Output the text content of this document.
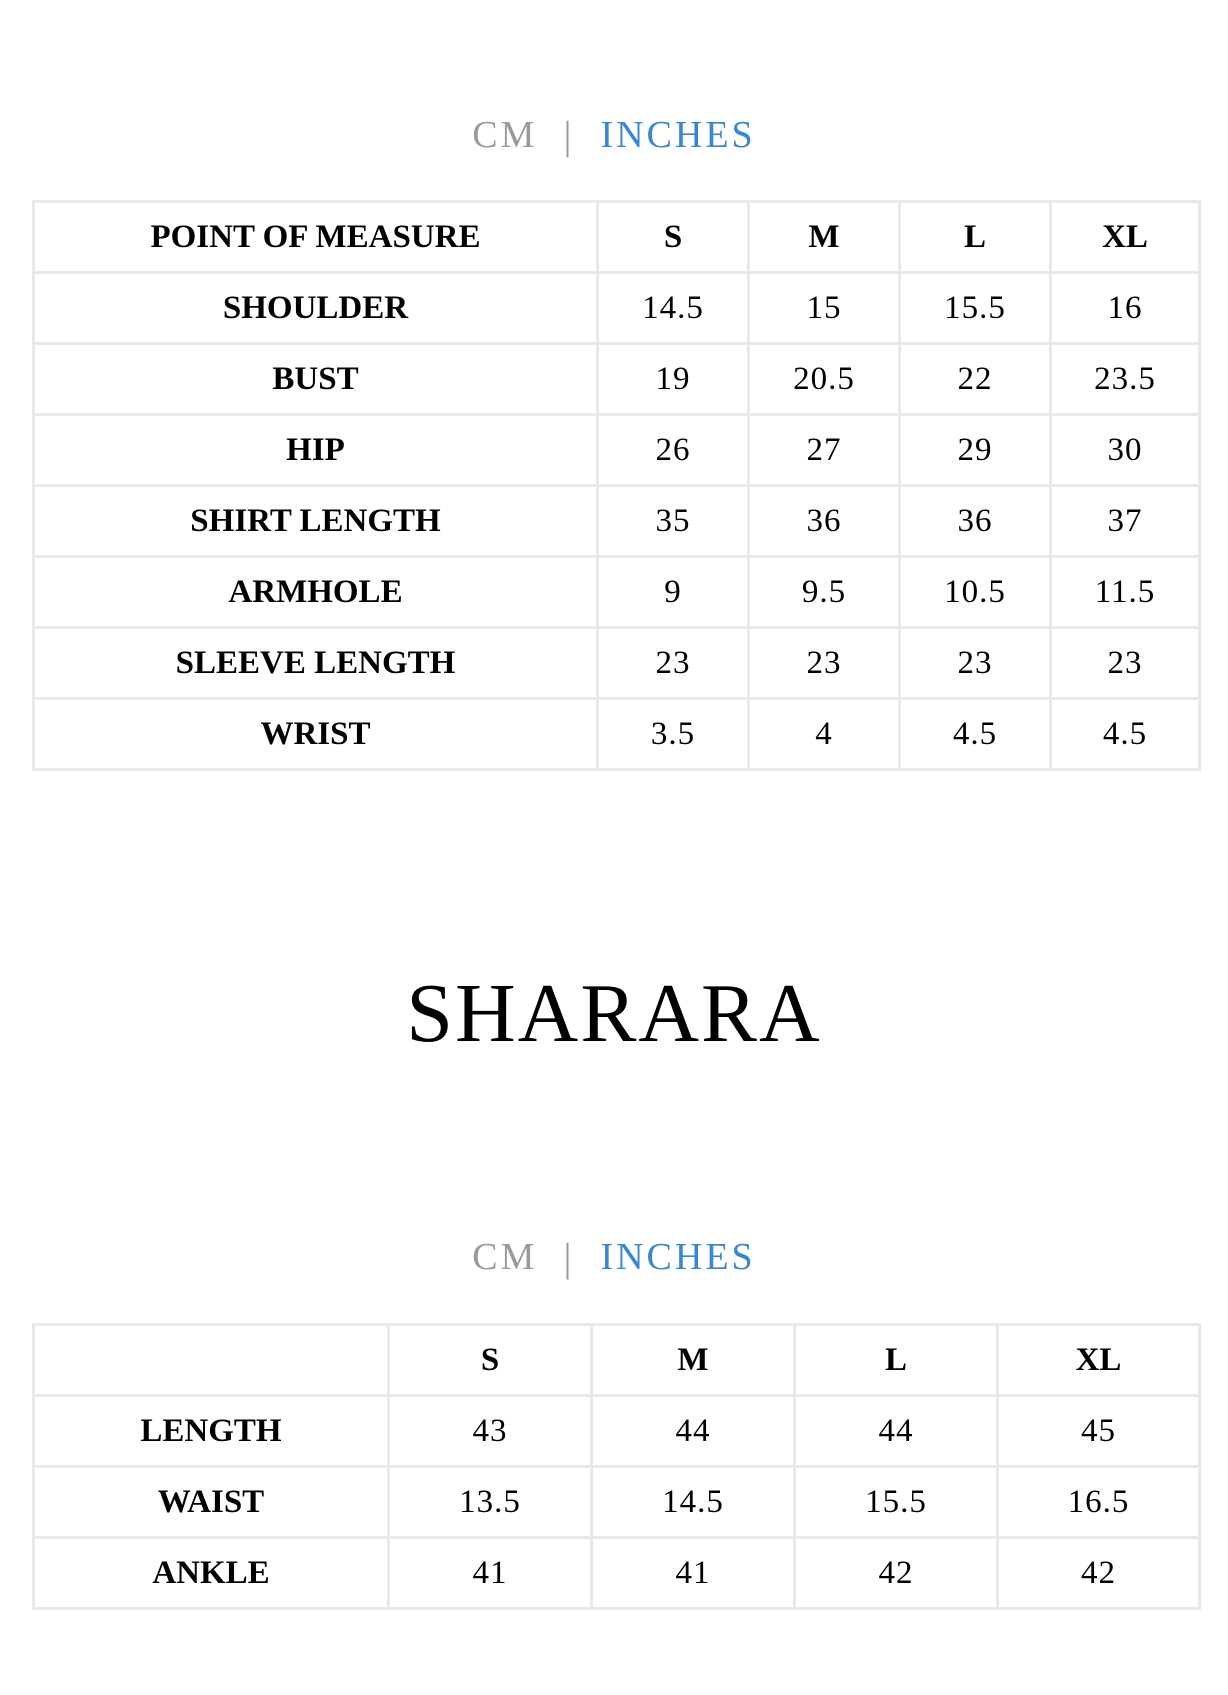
CM | INCHES
POINT OF MEASURE	S	M	L	XL
SHOULDER	14.5	15	15.5	16
BUST	19	20.5	22	23.5
HIP	26	27	29	30
SHIRT LENGTH	35	36	36	37
ARMHOLE	9	9.5	10.5	11.5
SLEEVE LENGTH	23	23	23	23
WRIST	3.5	4	4.5	4.5
SHARARA
CM | INCHES
	S	M	L	XL
LENGTH	43	44	44	45
WAIST	13.5	14.5	15.5	16.5
ANKLE	41	41	42	42
